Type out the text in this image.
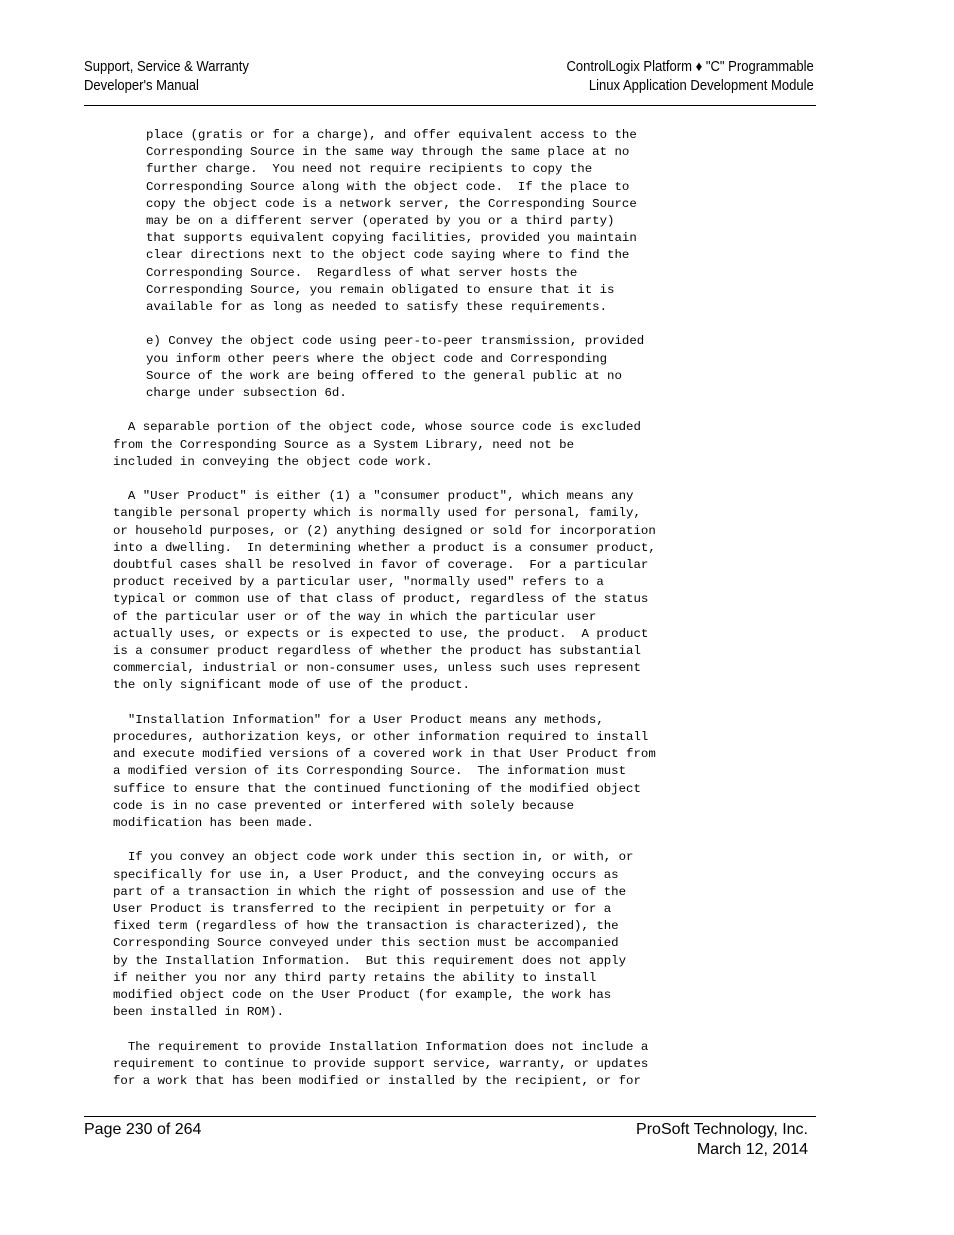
Support, Service & Warranty
Developer's Manual
ControlLogix Platform ♦ "C" Programmable
Linux Application Development Module
place (gratis or for a charge), and offer equivalent access to the
Corresponding Source in the same way through the same place at no
further charge.  You need not require recipients to copy the
Corresponding Source along with the object code.  If the place to
copy the object code is a network server, the Corresponding Source
may be on a different server (operated by you or a third party)
that supports equivalent copying facilities, provided you maintain
clear directions next to the object code saying where to find the
Corresponding Source.  Regardless of what server hosts the
Corresponding Source, you remain obligated to ensure that it is
available for as long as needed to satisfy these requirements.
e) Convey the object code using peer-to-peer transmission, provided
you inform other peers where the object code and Corresponding
Source of the work are being offered to the general public at no
charge under subsection 6d.
A separable portion of the object code, whose source code is excluded
from the Corresponding Source as a System Library, need not be
included in conveying the object code work.
A "User Product" is either (1) a "consumer product", which means any
tangible personal property which is normally used for personal, family,
or household purposes, or (2) anything designed or sold for incorporation
into a dwelling.  In determining whether a product is a consumer product,
doubtful cases shall be resolved in favor of coverage.  For a particular
product received by a particular user, "normally used" refers to a
typical or common use of that class of product, regardless of the status
of the particular user or of the way in which the particular user
actually uses, or expects or is expected to use, the product.  A product
is a consumer product regardless of whether the product has substantial
commercial, industrial or non-consumer uses, unless such uses represent
the only significant mode of use of the product.
"Installation Information" for a User Product means any methods,
procedures, authorization keys, or other information required to install
and execute modified versions of a covered work in that User Product from
a modified version of its Corresponding Source.  The information must
suffice to ensure that the continued functioning of the modified object
code is in no case prevented or interfered with solely because
modification has been made.
If you convey an object code work under this section in, or with, or
specifically for use in, a User Product, and the conveying occurs as
part of a transaction in which the right of possession and use of the
User Product is transferred to the recipient in perpetuity or for a
fixed term (regardless of how the transaction is characterized), the
Corresponding Source conveyed under this section must be accompanied
by the Installation Information.  But this requirement does not apply
if neither you nor any third party retains the ability to install
modified object code on the User Product (for example, the work has
been installed in ROM).
The requirement to provide Installation Information does not include a
requirement to continue to provide support service, warranty, or updates
for a work that has been modified or installed by the recipient, or for
Page 230 of 264	ProSoft Technology, Inc.
March 12, 2014
